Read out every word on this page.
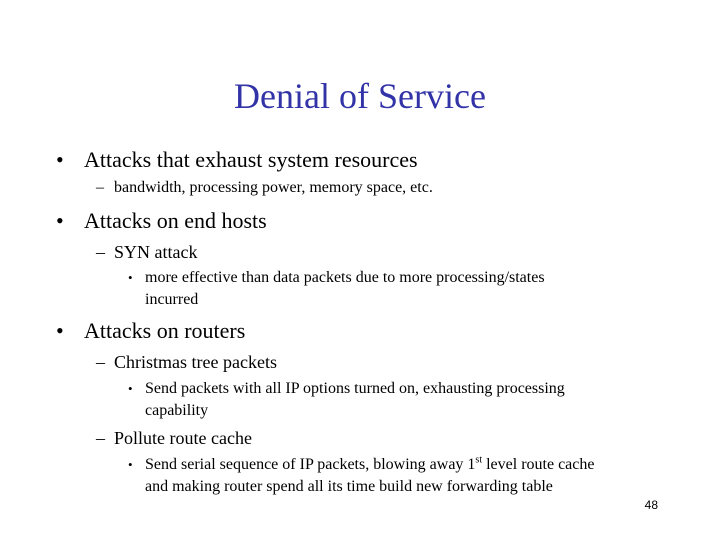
Denial of Service
• Attacks that exhaust system resources
– bandwidth, processing power, memory space, etc.
• Attacks on end hosts
– SYN attack
• more effective than data packets due to more processing/states
incurred
• Attacks on routers
– Christmas tree packets
• Send packets with all IP options turned on, exhausting processing
capability
– Pollute route cache
• Send serial sequence of IP packets, blowing away 1st level route cache
and making router spend all its time build new forwarding table
48
